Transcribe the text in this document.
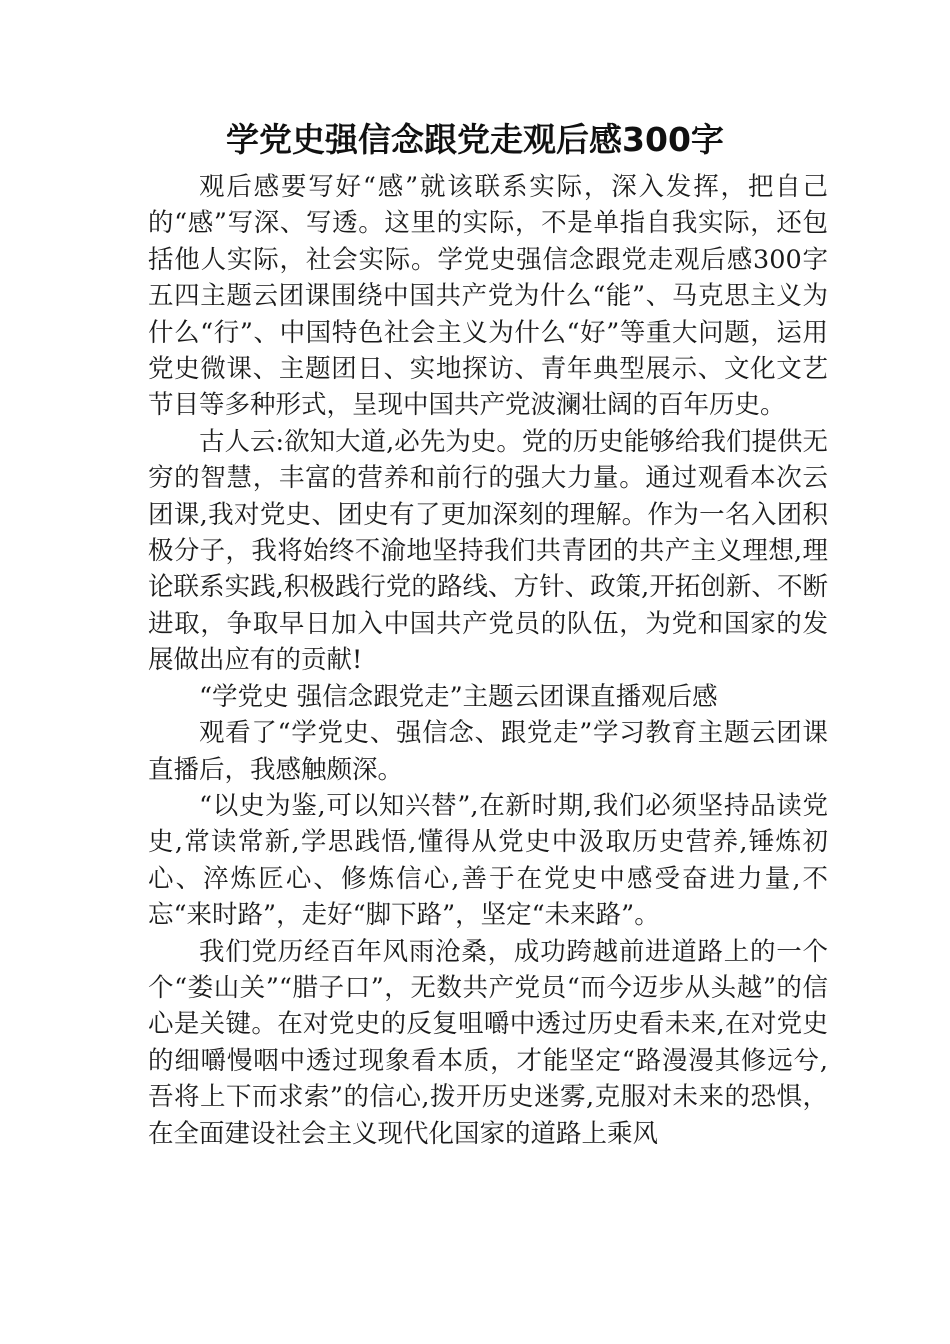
学党史强信念跟党走观后感300字

观后感要写好“感”就该联系实际，深入发挥，把自己的“感”写深、写透。这里的实际，不是单指自我实际，还包括他人实际，社会实际。学党史强信念跟党走观后感300字五四主题云团课围绕中国共产党为什么“能”、马克思主义为什么“行”、中国特色社会主义为什么“好”等重大问题，运用党史微课、主题团日、实地探访、青年典型展示、文化文艺节目等多种形式，呈现中国共产党波澜壮阔的百年历史。

古人云:欲知大道,必先为史。党的历史能够给我们提供无穷的智慧，丰富的营养和前行的强大力量。通过观看本次云团课,我对党史、团史有了更加深刻的理解。作为一名入团积极分子，我将始终不渝地坚持我们共青团的共产主义理想,理论联系实践,积极践行党的路线、方针、政策,开拓创新、不断进取，争取早日加入中国共产党员的队伍，为党和国家的发展做出应有的贡献!

“学党史 强信念跟党走”主题云团课直播观后感

观看了“学党史、强信念、跟党走”学习教育主题云团课直播后，我感触颇深。

“以史为鉴,可以知兴替”,在新时期,我们必须坚持品读党史,常读常新,学思践悟,懂得从党史中汲取历史营养,锤炼初心、淬炼匠心、修炼信心,善于在党史中感受奋进力量,不忘“来时路”，走好“脚下路”，坚定“未来路”。

我们党历经百年风雨沧桑，成功跨越前进道路上的一个个“娄山关”“腊子口”，无数共产党员“而今迈步从头越”的信心是关键。在对党史的反复咀嚼中透过历史看未来,在对党史的细嚼慢咽中透过现象看本质，才能坚定“路漫漫其修远兮,吾将上下而求索”的信心,拨开历史迷雾,克服对未来的恐惧，在全面建设社会主义现代化国家的道路上乘风
